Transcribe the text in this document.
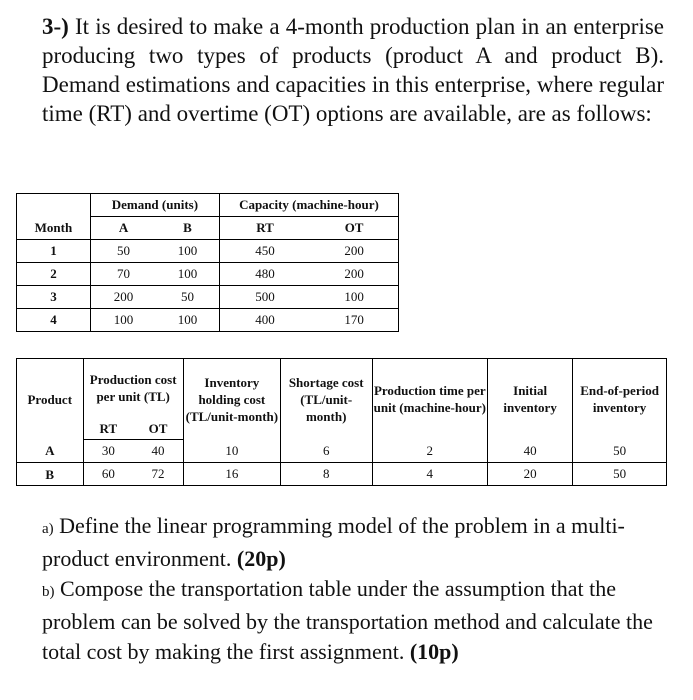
3-) It is desired to make a 4-month production plan in an enterprise producing two types of products (product A and product B). Demand estimations and capacities in this enterprise, where regular time (RT) and overtime (OT) options are available, are as follows:

	Demand (units)		Capacity (machine-hour)	
Month	A	B	RT	OT
1	50	100	450	200
2	70	100	480	200
3	200	50	500	100
4	100	100	400	170
Product	Production cost per unit (TL)		Inventory holding cost (TL/unit-month)	Shortage cost (TL/unit-month)	Production time per unit (machine-hour)	Initial inventory	End-of-period inventory
	RT	OT					
A	30	40	10	6	2	40	50
B	60	72	16	8	4	20	50
a) Define the linear programming model of the problem in a multi-product environment. (20p)
b) Compose the transportation table under the assumption that the problem can be solved by the transportation method and calculate the total cost by making the first assignment. (10p)
